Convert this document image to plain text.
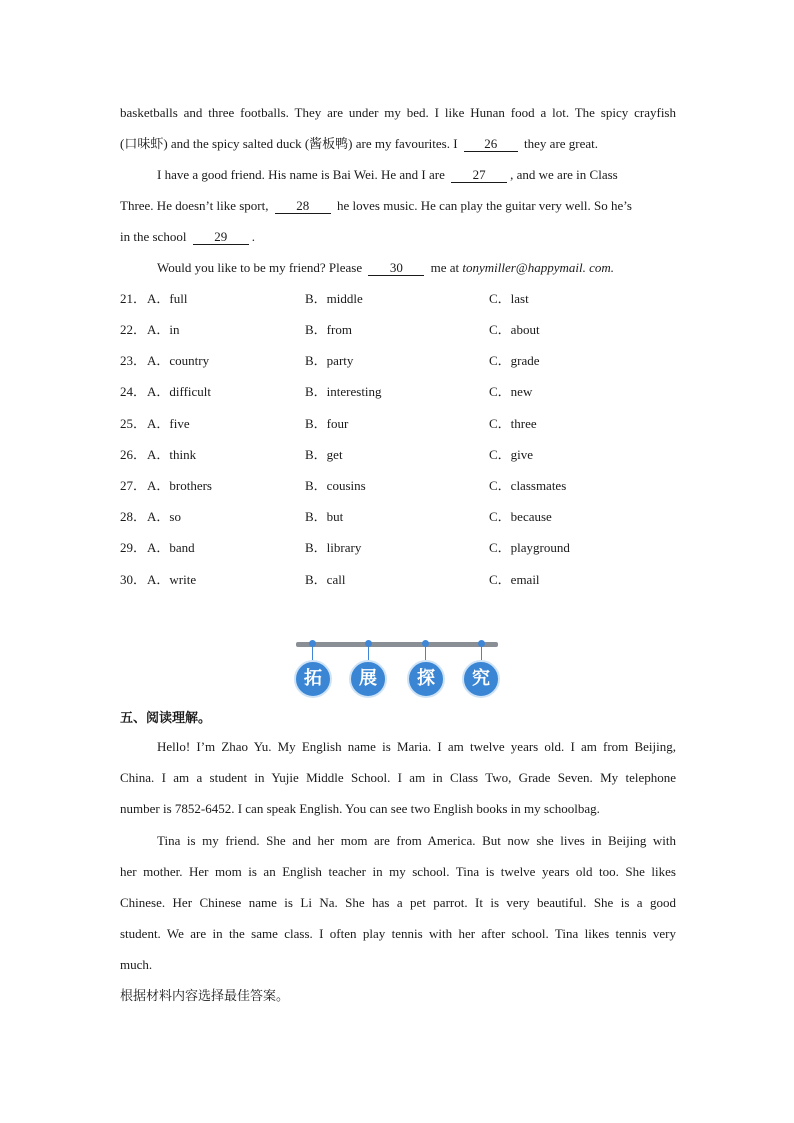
basketballs and three footballs. They are under my bed. I like Hunan food a lot. The spicy crayfish
(口味虾) and the spicy salted duck (酱板鸭) are my favourites. I 26 they are great.
I have a good friend. His name is Bai Wei. He and I are 27 , and we are in Class
Three. He doesn’t like sport, 28 he loves music. He can play the guitar very well. So he’s
in the school 29 .
Would you like to be my friend? Please 30 me at tonymiller@happymail. com.
21． A．full	B．middle	C．last
22． A．in	B．from	C．about
23． A．country	B．party	C．grade
24． A．difficult	B．interesting	C．new
25． A．five	B．four	C．three
26． A．think	B．get	C．give
27． A．brothers	B．cousins	C．classmates
28． A．so	B．but	C．because
29． A．band	B．library	C．playground
30． A．write	B．call	C．email
拓	展	探	究
五、阅读理解。
Hello! I’m Zhao Yu. My English name is Maria. I am twelve years old. I am from Beijing,
China. I am a student in Yujie Middle School. I am in Class Two, Grade Seven. My telephone
number is 7852-6452. I can speak English. You can see two English books in my schoolbag.
Tina is my friend. She and her mom are from America. But now she lives in Beijing with
her mother. Her mom is an English teacher in my school. Tina is twelve years old too. She likes
Chinese. Her Chinese name is Li Na. She has a pet parrot. It is very beautiful. She is a good
student. We are in the same class. I often play tennis with her after school. Tina likes tennis very
much.
根据材料内容选择最佳答案。
